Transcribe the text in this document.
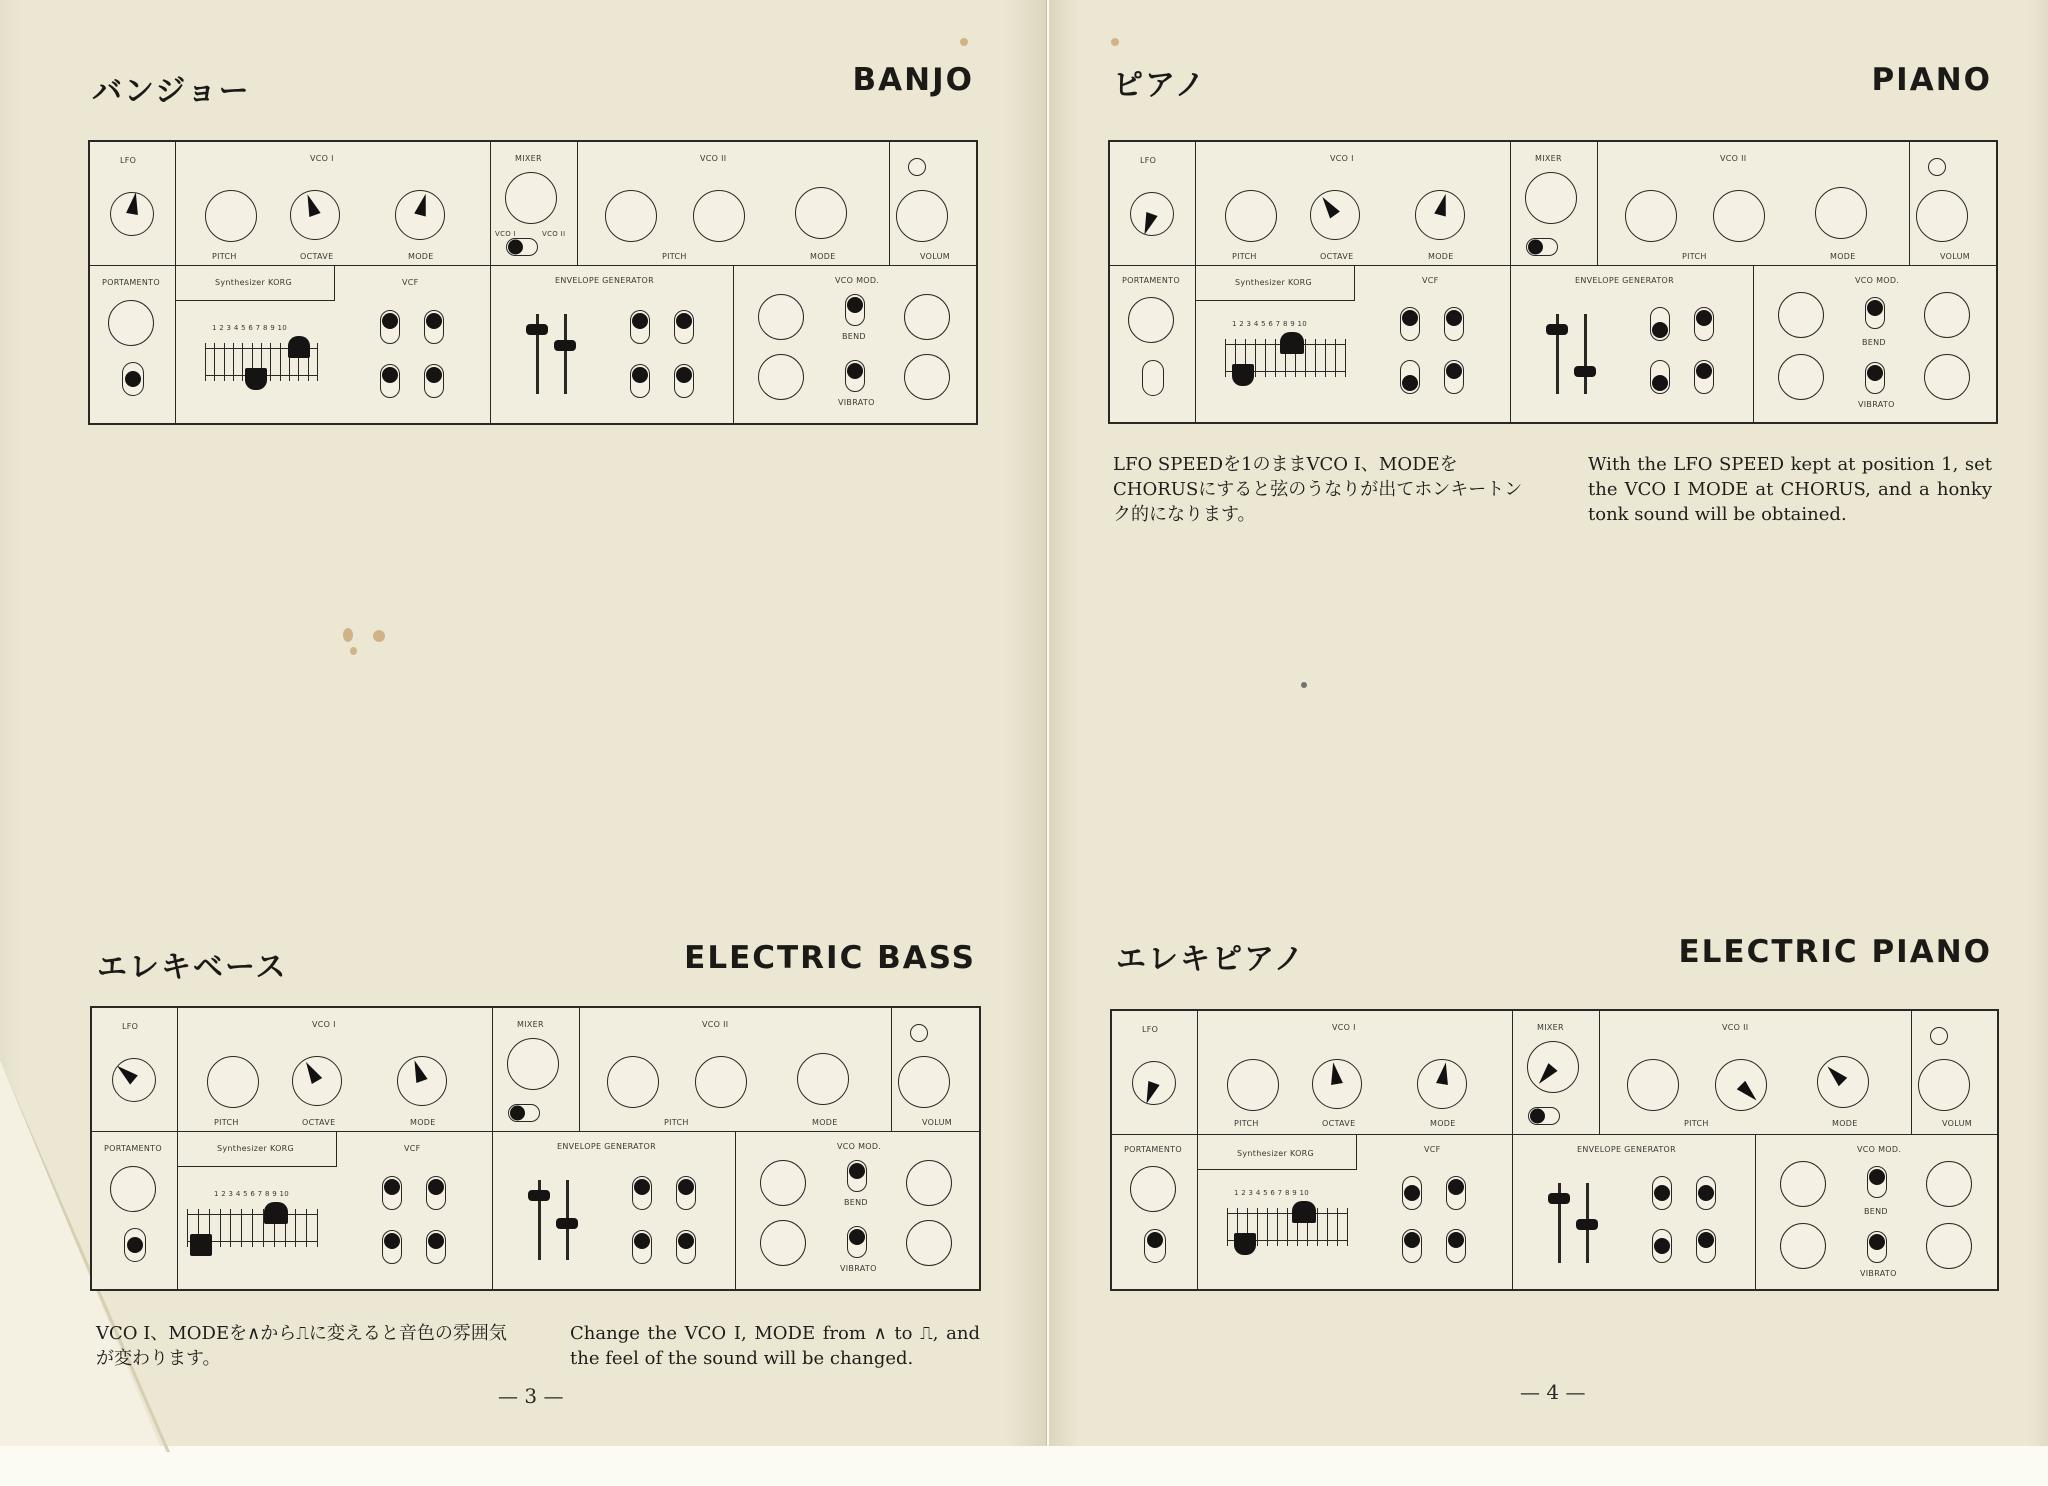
バンジョー	BANJO
LFO	VCO I	MIXER	VCO II
PITCH	OCTAVE	MODE	PITCH	MODE	VOLUM
PORTAMENTO	Synthesizer KORG	VCF	ENVELOPE GENERATOR	VCO MOD.
BEND
VIBRATO
1 2 3 4 5 6 7 8 9 10
VCO I	VCO II
エレキベース	ELECTRIC BASS
LFO	VCO I	MIXER	VCO II
PITCH	OCTAVE	MODE	PITCH	MODE	VOLUM
PORTAMENTO	Synthesizer KORG	VCF	ENVELOPE GENERATOR	VCO MOD.
BEND
VIBRATO
1 2 3 4 5 6 7 8 9 10
VCO I、MODEを∧から⎍に変えると音色の雰囲気が変わります。
Change the VCO I, MODE from ∧ to ⎍, and the feel of the sound will be changed.
— 3 —
ピアノ	PIANO
LFO	VCO I	MIXER	VCO II
PITCH	OCTAVE	MODE	PITCH	MODE	VOLUM
PORTAMENTO	Synthesizer KORG	VCF	ENVELOPE GENERATOR	VCO MOD.
BEND
VIBRATO
1 2 3 4 5 6 7 8 9 10
LFO SPEEDを1のままVCO I、MODEをCHORUSにすると弦のうなりが出てホンキートンク的になります。
With the LFO SPEED kept at position 1, set the VCO I MODE at CHORUS, and a honky tonk sound will be obtained.
エレキピアノ	ELECTRIC PIANO
LFO	VCO I	MIXER	VCO II
PITCH	OCTAVE	MODE	PITCH	MODE	VOLUM
PORTAMENTO	Synthesizer KORG	VCF	ENVELOPE GENERATOR	VCO MOD.
BEND
VIBRATO
1 2 3 4 5 6 7 8 9 10
— 4 —
